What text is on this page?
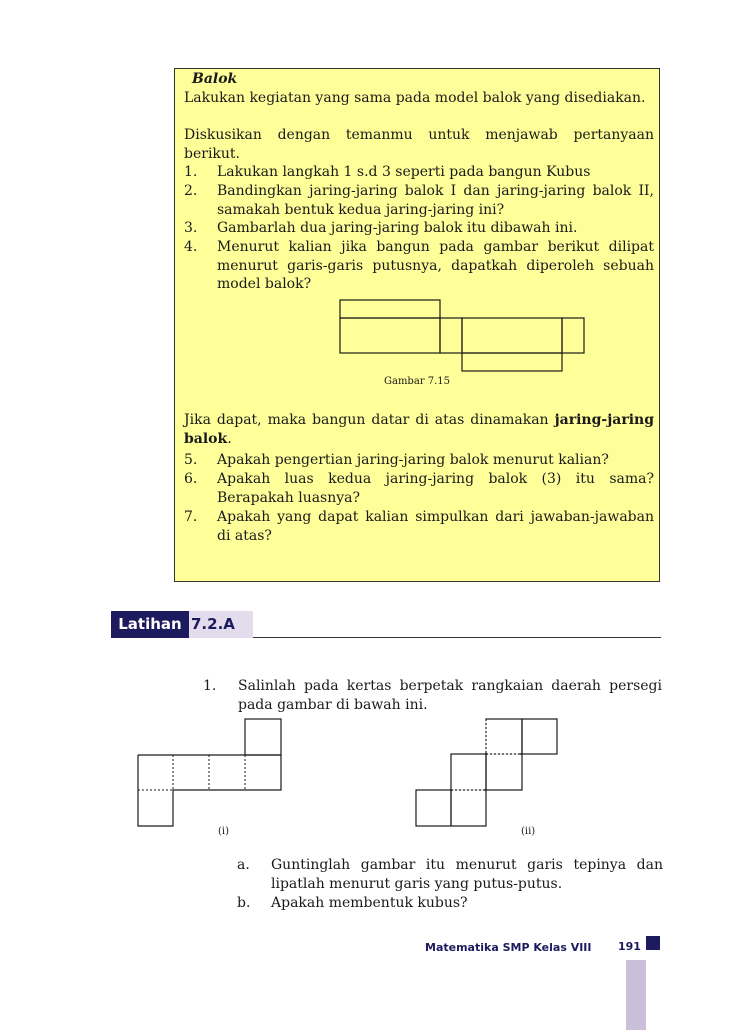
Balok
Lakukan kegiatan yang sama pada model balok yang disediakan.
Diskusikan dengan temanmu untuk menjawab pertanyaan berikut.
1.	Lakukan langkah 1 s.d 3 seperti pada bangun Kubus
2.	Bandingkan jaring-jaring balok I dan jaring-jaring balok II, samakah bentuk kedua jaring-jaring ini?
3.	Gambarlah dua jaring-jaring balok itu dibawah ini.
4.	Menurut kalian jika bangun pada gambar berikut dilipat menurut garis-garis putusnya, dapatkah diperoleh sebuah model balok?
Gambar 7.15
Jika dapat, maka bangun datar di atas dinamakan jaring-jaring balok.
5.	Apakah pengertian jaring-jaring balok menurut kalian?
6.	Apakah luas kedua jaring-jaring balok (3) itu sama? Berapakah luasnya?
7.	Apakah yang dapat kalian simpulkan dari jawaban-jawaban di atas?
Latihan 7.2.A
1. Salinlah pada kertas berpetak rangkaian daerah persegi pada gambar di bawah ini.
(i)	(ii)
a. Guntinglah gambar itu menurut garis tepinya dan lipatlah menurut garis yang putus-putus.
b. Apakah membentuk kubus?
Matematika SMP Kelas VIII 191
